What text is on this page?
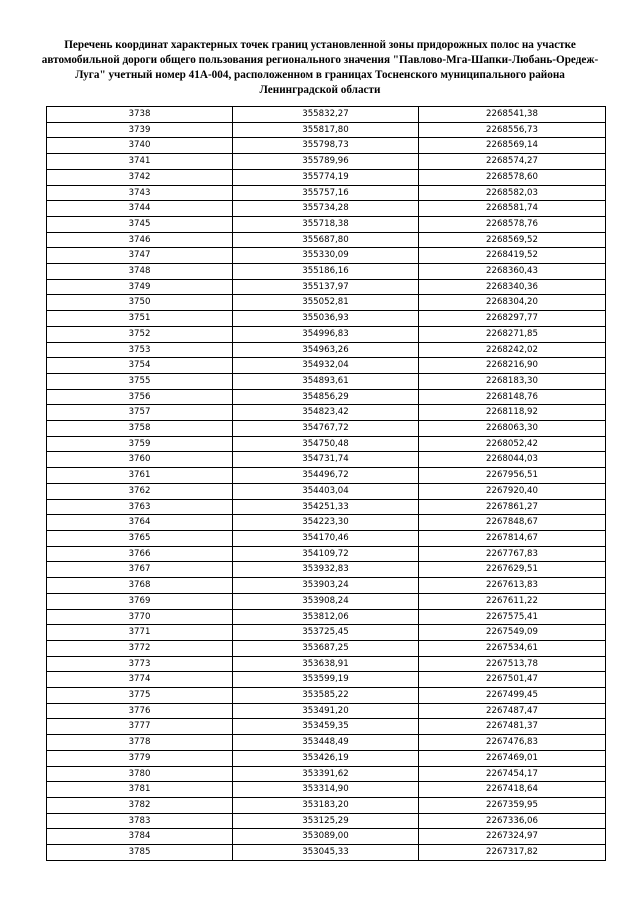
Перечень координат характерных точек границ установленной зоны придорожных полос на участке автомобильной дороги общего пользования регионального значения "Павлово-Мга-Шапки-Любань-Оредеж-Луга" учетный номер 41А-004, расположенном в границах Тосненского муниципального района Ленинградской области
3738	355832,27	2268541,38
3739	355817,80	2268556,73
3740	355798,73	2268569,14
3741	355789,96	2268574,27
3742	355774,19	2268578,60
3743	355757,16	2268582,03
3744	355734,28	2268581,74
3745	355718,38	2268578,76
3746	355687,80	2268569,52
3747	355330,09	2268419,52
3748	355186,16	2268360,43
3749	355137,97	2268340,36
3750	355052,81	2268304,20
3751	355036,93	2268297,77
3752	354996,83	2268271,85
3753	354963,26	2268242,02
3754	354932,04	2268216,90
3755	354893,61	2268183,30
3756	354856,29	2268148,76
3757	354823,42	2268118,92
3758	354767,72	2268063,30
3759	354750,48	2268052,42
3760	354731,74	2268044,03
3761	354496,72	2267956,51
3762	354403,04	2267920,40
3763	354251,33	2267861,27
3764	354223,30	2267848,67
3765	354170,46	2267814,67
3766	354109,72	2267767,83
3767	353932,83	2267629,51
3768	353903,24	2267613,83
3769	353908,24	2267611,22
3770	353812,06	2267575,41
3771	353725,45	2267549,09
3772	353687,25	2267534,61
3773	353638,91	2267513,78
3774	353599,19	2267501,47
3775	353585,22	2267499,45
3776	353491,20	2267487,47
3777	353459,35	2267481,37
3778	353448,49	2267476,83
3779	353426,19	2267469,01
3780	353391,62	2267454,17
3781	353314,90	2267418,64
3782	353183,20	2267359,95
3783	353125,29	2267336,06
3784	353089,00	2267324,97
3785	353045,33	2267317,82
